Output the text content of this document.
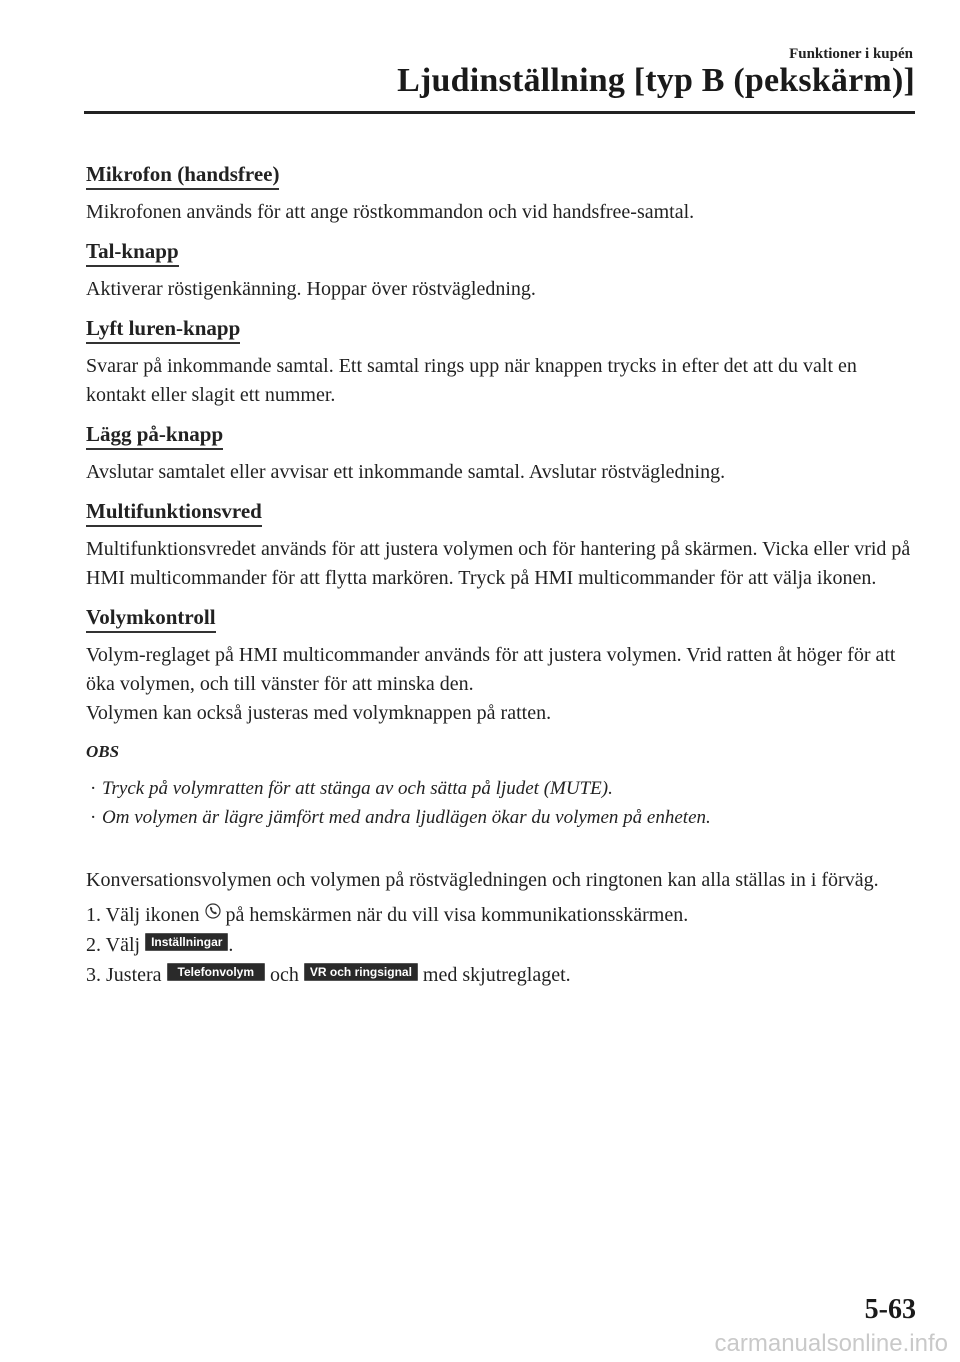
Funktioner i kupén
Ljudinställning [typ B (pekskärm)]
Mikrofon (handsfree)

Mikrofonen används för att ange röstkommandon och vid handsfree-samtal.

Tal-knapp

Aktiverar röstigenkänning. Hoppar över röstvägledning.

Lyft luren-knapp

Svarar på inkommande samtal. Ett samtal rings upp när knappen trycks in efter det att du valt en kontakt eller slagit ett nummer.

Lägg på-knapp

Avslutar samtalet eller avvisar ett inkommande samtal. Avslutar röstvägledning.

Multifunktionsvred

Multifunktionsvredet används för att justera volymen och för hantering på skärmen. Vicka eller vrid på HMI multicommander för att flytta markören. Tryck på HMI multicommander för att välja ikonen.

Volymkontroll

Volym-reglaget på HMI multicommander används för att justera volymen. Vrid ratten åt höger för att öka volymen, och till vänster för att minska den.

Volymen kan också justeras med volymknappen på ratten.

OBS
· Tryck på volymratten för att stänga av och sätta på ljudet (MUTE).
· Om volymen är lägre jämfört med andra ljudlägen ökar du volymen på enheten.

Konversationsvolymen och volymen på röstvägledningen och ringtonen kan alla ställas in i förväg.

1. Välj ikonen på hemskärmen när du vill visa kommunikationsskärmen.
2. Välj Inställningar .
3. Justera Telefonvolym och VR och ringsignal med skjutreglaget.
5-63
carmanualsonline.info
